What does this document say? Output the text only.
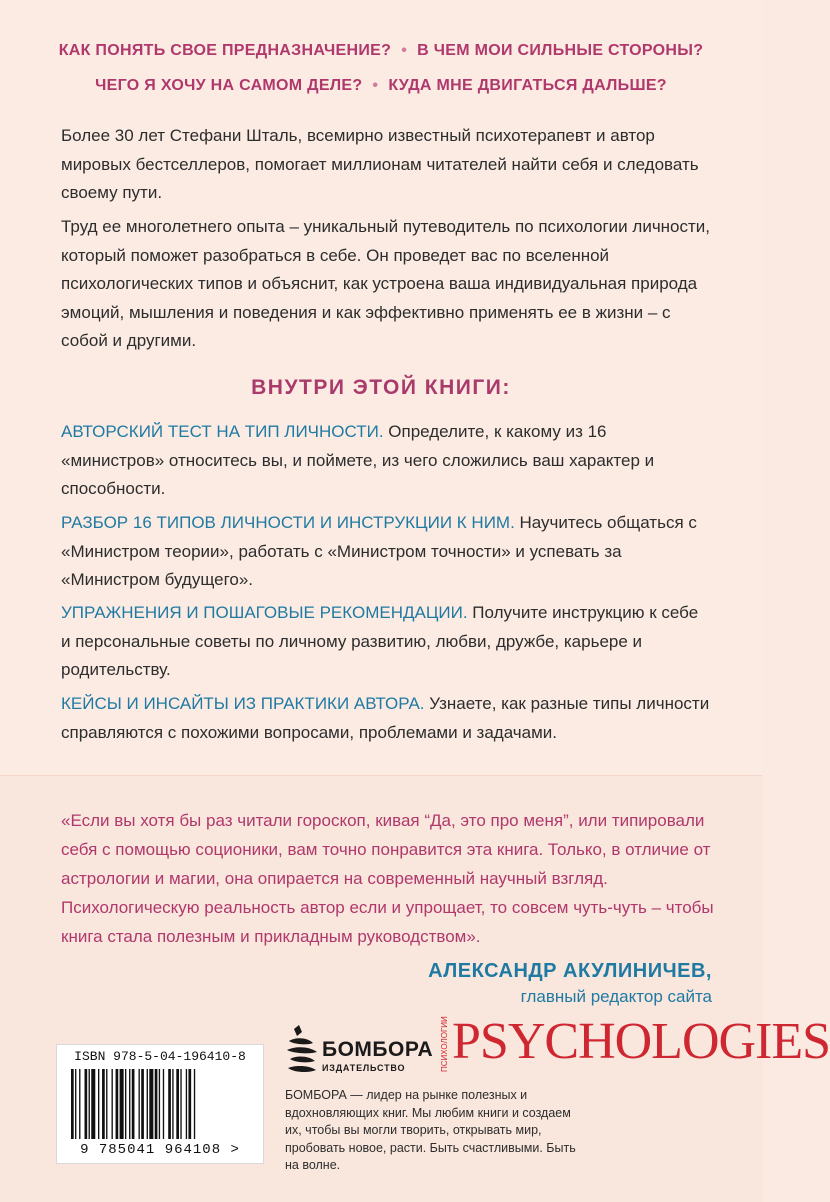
КАК ПОНЯТЬ СВОЕ ПРЕДНАЗНАЧЕНИЕ? • В ЧЕМ МОИ СИЛЬНЫЕ СТОРОНЫ?
ЧЕГО Я ХОЧУ НА САМОМ ДЕЛЕ? • КУДА МНЕ ДВИГАТЬСЯ ДАЛЬШЕ?
Более 30 лет Стефани Шталь, всемирно известный психотерапевт и автор мировых бестселлеров, помогает миллионам читателей найти себя и следовать своему пути.
Труд ее многолетнего опыта – уникальный путеводитель по психологии личности, который поможет разобраться в себе. Он проведет вас по вселенной психологических типов и объяснит, как устроена ваша индивидуальная природа эмоций, мышления и поведения и как эффективно применять ее в жизни – с собой и другими.
ВНУТРИ ЭТОЙ КНИГИ:
АВТОРСКИЙ ТЕСТ НА ТИП ЛИЧНОСТИ. Определите, к какому из 16 «министров» относитесь вы, и поймете, из чего сложились ваш характер и способности.
РАЗБОР 16 ТИПОВ ЛИЧНОСТИ И ИНСТРУКЦИИ К НИМ. Научитесь общаться с «Министром теории», работать с «Министром точности» и успевать за «Министром будущего».
УПРАЖНЕНИЯ И ПОШАГОВЫЕ РЕКОМЕНДАЦИИ. Получите инструкцию к себе и персональные советы по личному развитию, любви, дружбе, карьере и родительству.
КЕЙСЫ И ИНСАЙТЫ ИЗ ПРАКТИКИ АВТОРА. Узнаете, как разные типы личности справляются с похожими вопросами, проблемами и задачами.
«Если вы хотя бы раз читали гороскоп, кивая “Да, это про меня”, или типировали себя с помощью соционики, вам точно понравится эта книга. Только, в отличие от астрологии и магии, она опирается на современный научный взгляд. Психологическую реальность автор если и упрощает, то совсем чуть-чуть – чтобы книга стала полезным и прикладным руководством».
АЛЕКСАНДР АКУЛИНИЧЕВ,
главный редактор сайта
ISBN 978-5-04-196410-8
9 785041 964108 >
БОМБОРА
ИЗДАТЕЛЬСТВО	ПСИХОЛОГИИ PSYCHOLOGIES
БОМБОРА — лидер на рынке полезных и вдохновляющих книг. Мы любим книги и создаем их, чтобы вы могли творить, открывать мир, пробовать новое, расти. Быть счастливыми. Быть на волне.
